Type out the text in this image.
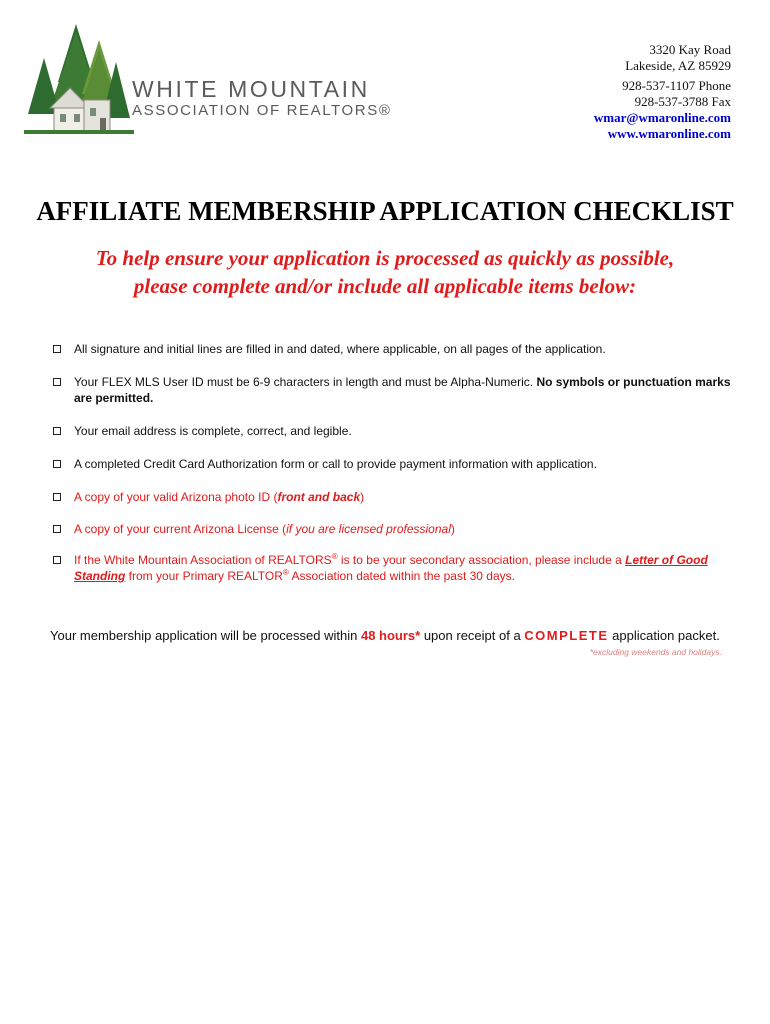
WHITE MOUNTAIN
ASSOCIATION OF REALTORS®
3320 Kay Road
Lakeside, AZ 85929
928-537-1107 Phone
928-537-3788 Fax
wmar@wmaronline.com
www.wmaronline.com
AFFILIATE MEMBERSHIP APPLICATION CHECKLIST
To help ensure your application is processed as quickly as possible,
please complete and/or include all applicable items below:
All signature and initial lines are filled in and dated, where applicable, on all pages of the application.
Your FLEX MLS User ID must be 6-9 characters in length and must be Alpha-Numeric. No symbols or punctuation marks are permitted.
Your email address is complete, correct, and legible.
A completed Credit Card Authorization form or call to provide payment information with application.
A copy of your valid Arizona photo ID (front and back)
A copy of your current Arizona License (if you are licensed professional)
If the White Mountain Association of REALTORS® is to be your secondary association, please include a Letter of Good Standing from your Primary REALTOR® Association dated within the past 30 days.
Your membership application will be processed within 48 hours* upon receipt of a COMPLETE application packet.
*excluding weekends and holidays.
